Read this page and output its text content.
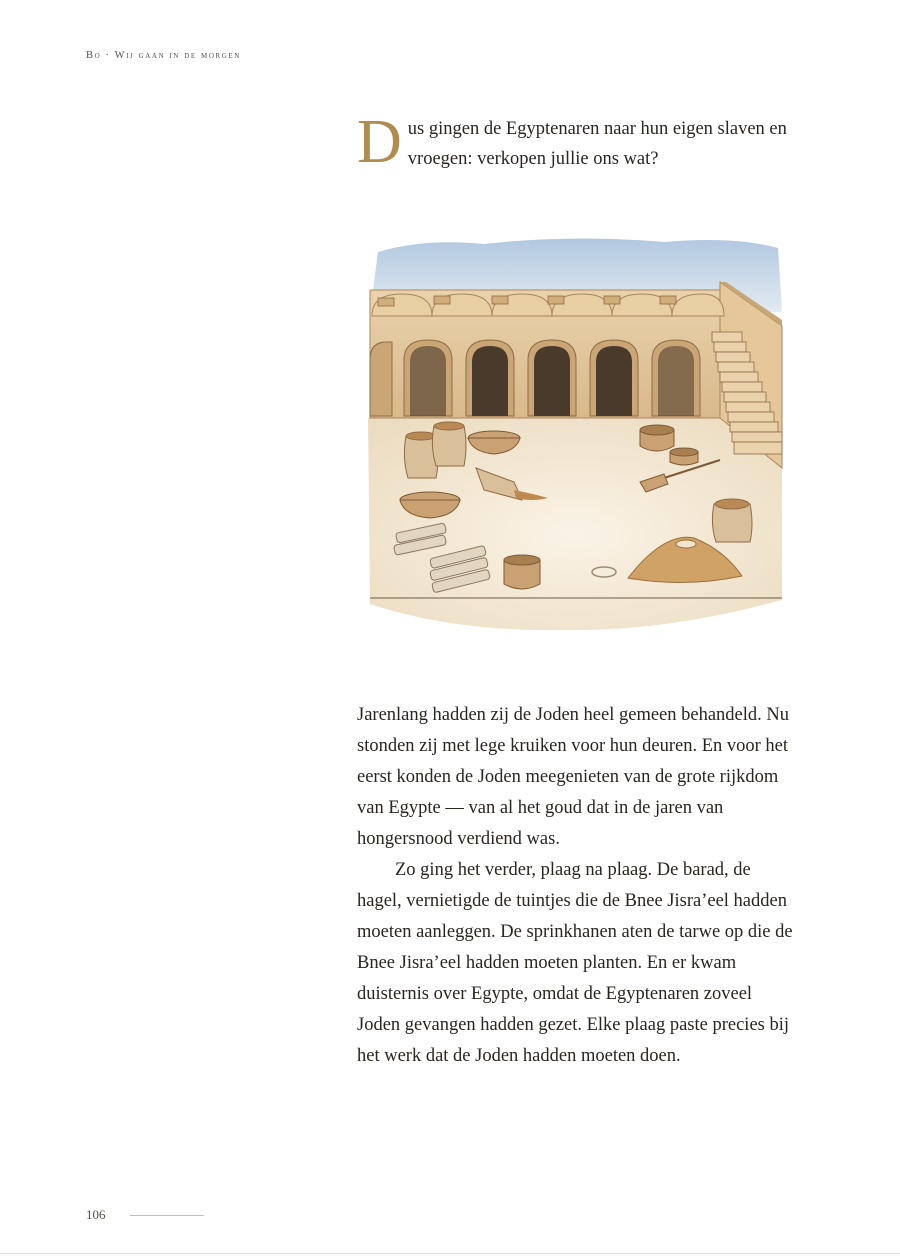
Bo · Wij gaan in de morgen
Dus gingen de Egyptenaren naar hun eigen slaven en vroegen: verkopen jullie ons wat?

Jarenlang hadden zij de Joden heel gemeen behandeld. Nu stonden zij met lege kruiken voor hun deuren. En voor het eerst konden de Joden meegenieten van de grote rijkdom van Egypte — van al het goud dat in de jaren van hongersnood verdiend was.

Zo ging het verder, plaag na plaag. De barad, de hagel, vernietigde de tuintjes die de Bnee Jisra’eel hadden moeten aanleggen. De sprinkhanen aten de tarwe op die de Bnee Jisra’eel hadden moeten planten. En er kwam duisternis over Egypte, omdat de Egyptenaren zoveel Joden gevangen hadden gezet. Elke plaag paste precies bij het werk dat de Joden hadden moeten doen.

106
